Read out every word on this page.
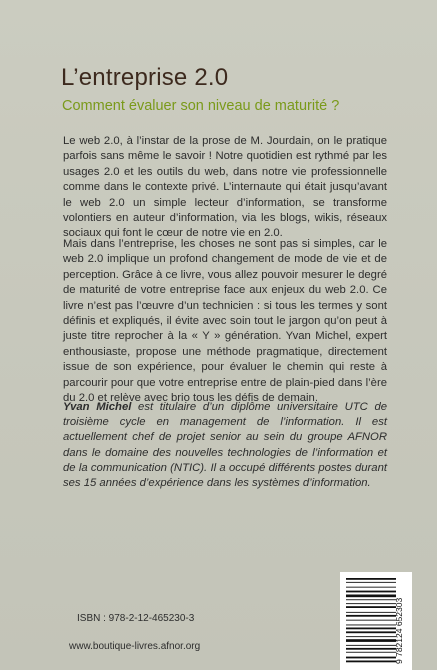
L’entreprise 2.0
Comment évaluer son niveau de maturité ?
Le web 2.0, à l’instar de la prose de M. Jourdain, on le pratique parfois sans même le savoir ! Notre quotidien est rythmé par les usages 2.0 et les outils du web, dans notre vie professionnelle comme dans le contexte privé. L’internaute qui était jusqu’avant le web 2.0 un simple lecteur d’information, se transforme volontiers en auteur d’information, via les blogs, wikis, réseaux sociaux qui font le cœur de notre vie en 2.0.
Mais dans l’entreprise, les choses ne sont pas si simples, car le web 2.0 implique un profond changement de mode de vie et de perception. Grâce à ce livre, vous allez pouvoir mesurer le degré de maturité de votre entreprise face aux enjeux du web 2.0. Ce livre n’est pas l’œuvre d’un technicien : si tous les termes y sont définis et expliqués, il évite avec soin tout le jargon qu’on peut à juste titre reprocher à la « Y » génération. Yvan Michel, expert enthousiaste, propose une méthode pragmatique, directement issue de son expérience, pour évaluer le chemin qui reste à parcourir pour que votre entreprise entre de plain-pied dans l’ère du 2.0 et relève avec brio tous les défis de demain.
Yvan Michel est titulaire d’un diplôme universitaire UTC de troisième cycle en management de l’information. Il est actuellement chef de projet senior au sein du groupe AFNOR dans le domaine des nouvelles technologies de l’information et de la communication (NTIC). Il a occupé différents postes durant ses 15 années d’expérience dans les systèmes d’information.
ISBN : 978-2-12-465230-3
www.boutique-livres.afnor.org	9 782124 652303
